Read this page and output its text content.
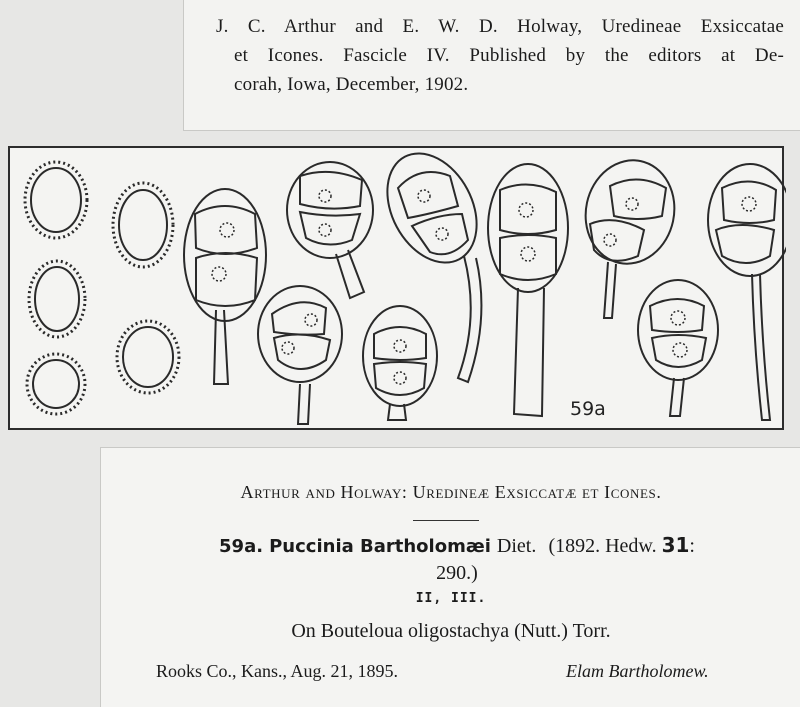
J. C. Arthur and E. W. D. Holway, Uredineae Exsiccatae
et Icones. Fascicle IV. Published by the editors at De-
corah, Iowa, December, 1902.
59a
Arthur and Holway: Uredineæ Exsiccatæ et Icones.
59a. Puccinia Bartholomæi Diet. (1892. Hedw. 31:
290.)
II, III.
On Bouteloua oligostachya (Nutt.) Torr.
Rooks Co., Kans., Aug. 21, 1895.	Elam Bartholomew.
